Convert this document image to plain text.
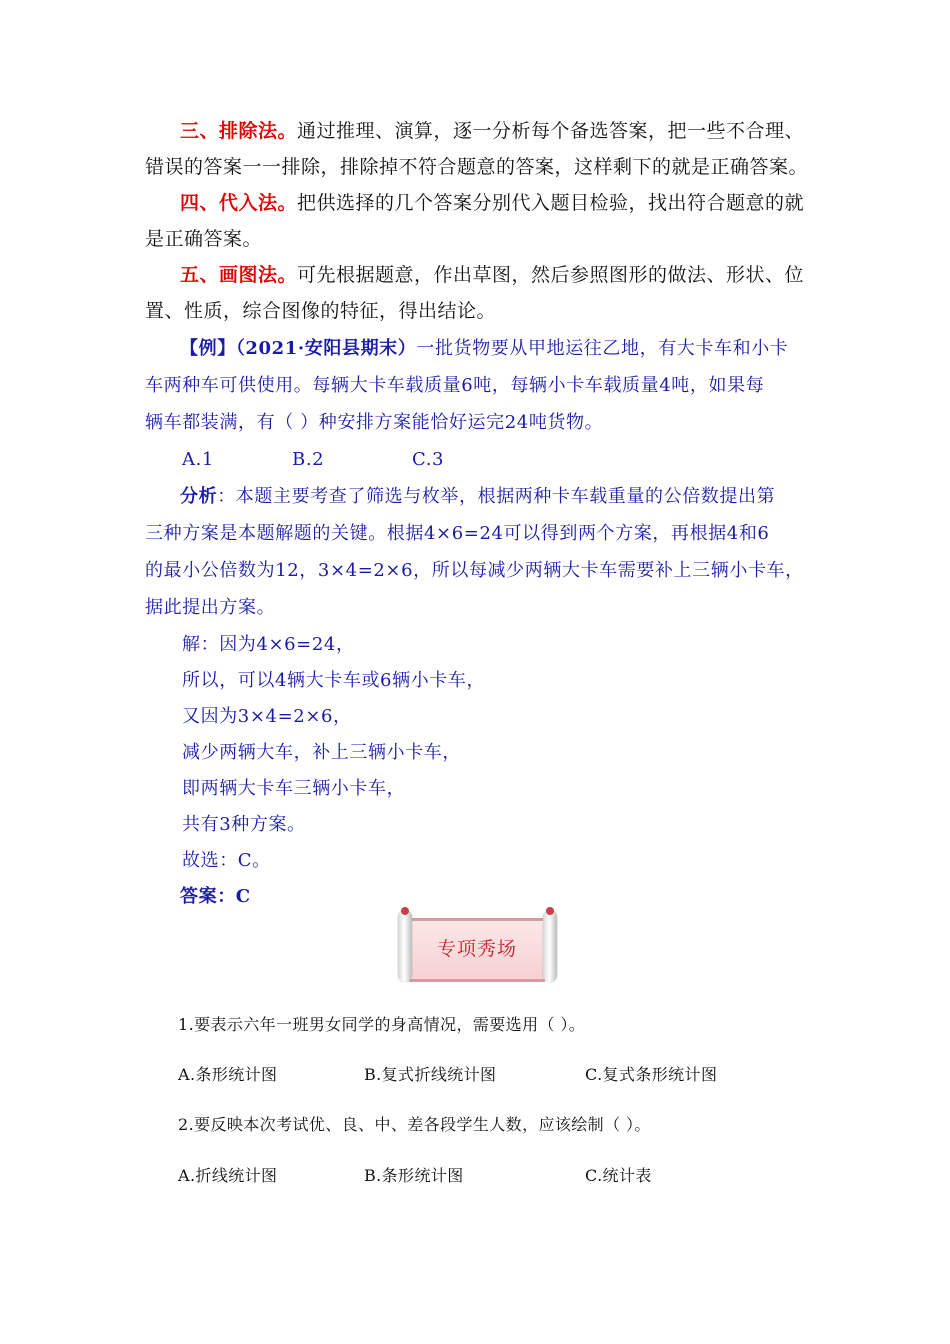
三、排除法。通过推理、演算，逐一分析每个备选答案，把一些不合理、
错误的答案一一排除，排除掉不符合题意的答案，这样剩下的就是正确答案。
四、代入法。把供选择的几个答案分别代入题目检验，找出符合题意的就
是正确答案。
五、画图法。可先根据题意，作出草图，然后参照图形的做法、形状、位
置、性质，综合图像的特征，得出结论。
【例】（2021·安阳县期末）一批货物要从甲地运往乙地，有大卡车和小卡
车两种车可供使用。每辆大卡车载质量6吨，每辆小卡车载质量4吨，如果每
辆车都装满，有（ ）种安排方案能恰好运完24吨货物。
A.1	B.2	C.3
分析：本题主要考查了筛选与枚举，根据两种卡车载重量的公倍数提出第
三种方案是本题解题的关键。根据4×6=24可以得到两个方案，再根据4和6
的最小公倍数为12，3×4=2×6，所以每减少两辆大卡车需要补上三辆小卡车，
据此提出方案。
解：因为4×6=24，
所以，可以4辆大卡车或6辆小卡车，
又因为3×4=2×6，
减少两辆大车，补上三辆小卡车，
即两辆大卡车三辆小卡车，
共有3种方案。
故选：C。
答案：C
专项秀场
1.要表示六年一班男女同学的身高情况，需要选用（ ）。
A.条形统计图	B.复式折线统计图	C.复式条形统计图
2.要反映本次考试优、良、中、差各段学生人数，应该绘制（ ）。
A.折线统计图	B.条形统计图	C.统计表
